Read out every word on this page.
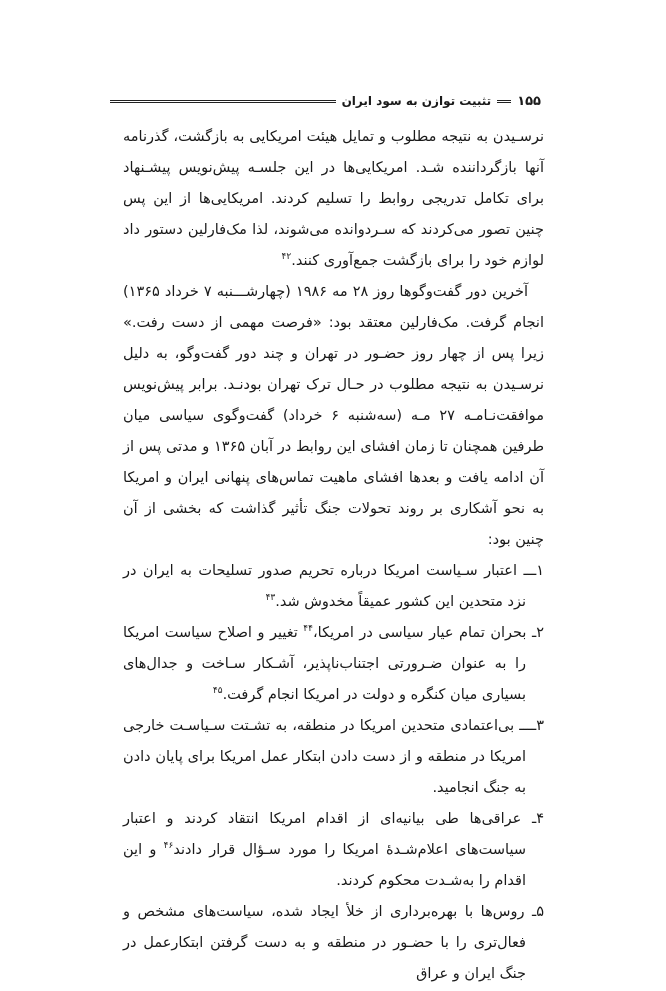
۱۵۵
تثبیت توازن به سود ایران

نرسـیدن به نتیجه مطلوب و تمایل هیئت امریکایی به بازگشت، گذرنامه آنها بازگرداننده شـد. امریکایی‌ها در این جلسـه پیش‌نویس پیشـنهاد برای تکامل تدریجی روابط را تسلیم کردند. امریکایی‌ها از این پس چنین تصور می‌کردند که سـردوانده می‌شوند، لذا مک‌فارلین دستور داد لوازم خود را برای بازگشت جمع‌آوری کنند.$^{۴۲}$

آخرین دور گفت‌وگوها روز ۲۸ مه ۱۹۸۶ (چهارشـــنبه ۷ خرداد ۱۳۶۵) انجام گرفت. مک‌فارلین معتقد بود: «فرصت مهمی از دست رفت.» زیرا پس از چهار روز حضـور در تهران و چند دور گفت‌وگو، به دلیل نرسـیدن به نتیجه مطلوب در حـال ترک تهران بودنـد. برابر پیش‌نویس موافقت‌نـامـه ۲۷ مـه (سه‌شنبه ۶ خرداد) گفت‌وگوی سیاسی میان طرفین همچنان تا زمان افشای این روابط در آبان ۱۳۶۵ و مدتی پس از آن ادامه یافت و بعدها افشای ماهیت تماس‌های پنهانی ایران و امریکا به نحو آشکاری بر روند تحولات جنگ تأثیر گذاشت که بخشی از آن چنین بود:

۱ـــ اعتبار سـیاست امریکا درباره تحریم صدور تسلیحات به ایران در نزد متحدین این کشور عمیقاً مخدوش شد.$^{۴۳}$

۲ـ بحران تمام عیار سیاسی در امریکا،$^{۴۴}$ تغییر و اصلاح سیاست امریکا را به عنوان ضـرورتی اجتناب‌ناپذیر، آشـکار سـاخت و جدال‌های بسیاری میان کنگره و دولت در امریکا انجام گرفت.$^{۴۵}$

۳ــــ بی‌اعتمادی متحدین امریکا در منطقه، به تشـتت سـیاسـت خارجی امریکا در منطقه و از دست دادن ابتکار عمل امریکا برای پایان دادن به جنگ انجامید.

۴ـ عراقی‌ها طی بیانیه‌ای از اقدام امریکا انتقاد کردند و اعتبار سیاست‌های اعلام‌شـدهٔ امریکا را مورد سـؤال قرار دادند$^{۴۶}$ و این اقدام را به‌شـدت محکوم کردند.

۵ـ روس‌ها با بهره‌برداری از خلأ ایجاد شده، سیاست‌های مشخص و فعال‌تری را با حضـور در منطقه و به دست گرفتن ابتکارعمل در جنگ ایران و عراق
